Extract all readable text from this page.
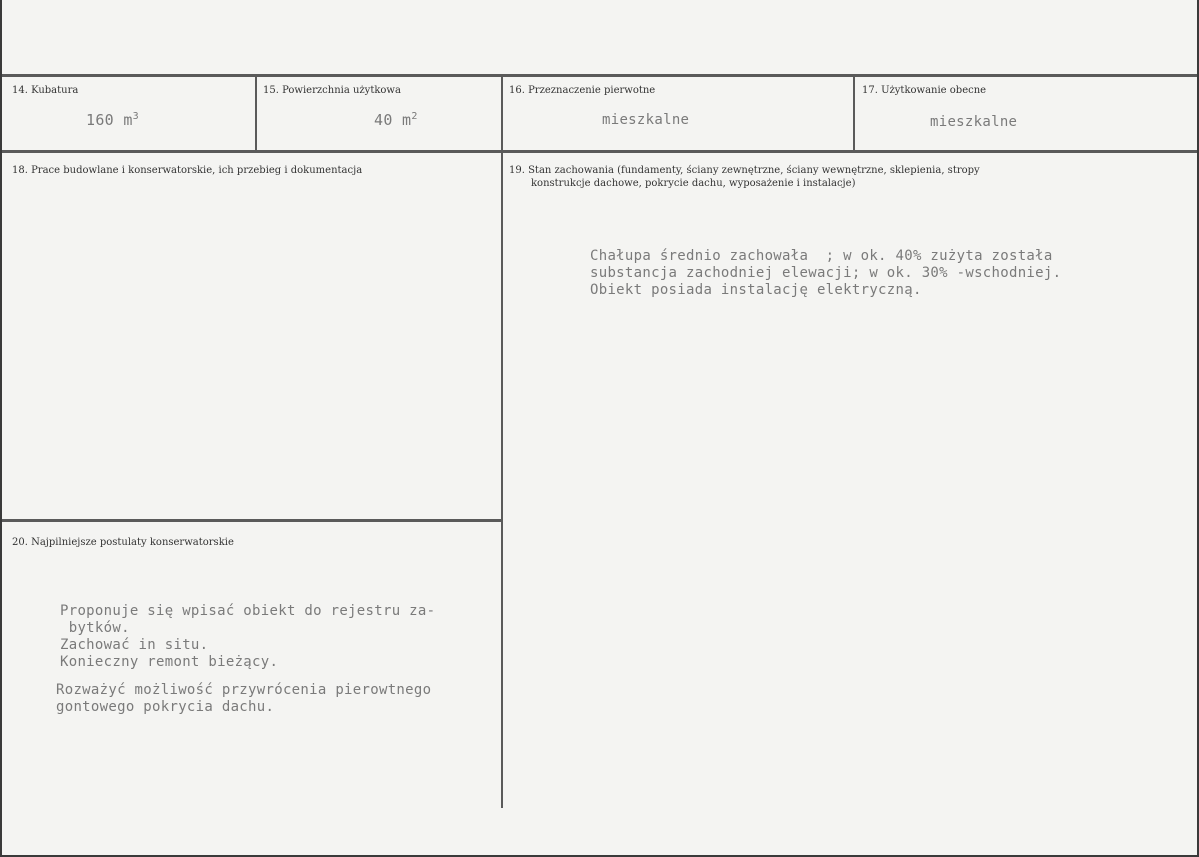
14. Kubatura
160 $m^3$
15. Powierzchnia użytkowa
40 $m^2$
16. Przeznaczenie pierwotne
mieszkalne
17. Użytkowanie obecne
mieszkalne
18. Prace budowlane i konserwatorskie, ich przebieg i dokumentacja	19. Stan zachowania (fundamenty, ściany zewnętrzne, ściany wewnętrzne, sklepienia, stropy
konstrukcje dachowe, pokrycie dachu, wyposażenie i instalacje)

Chałupa średnio zachowała  ; w ok. 40% zużyta została
substancja zachodniej elewacji; w ok. 30% -wschodniej.
Obiekt posiada instalację elektryczną.
20. Najpilniejsze postulaty konserwatorskie

Proponuje się wpisać obiekt do rejestru za-
bytków.
Zachować in situ.
Konieczny remont bieżący.

Rozważyć możliwość przywrócenia pierowtnego
gontowego pokrycia dachu.
